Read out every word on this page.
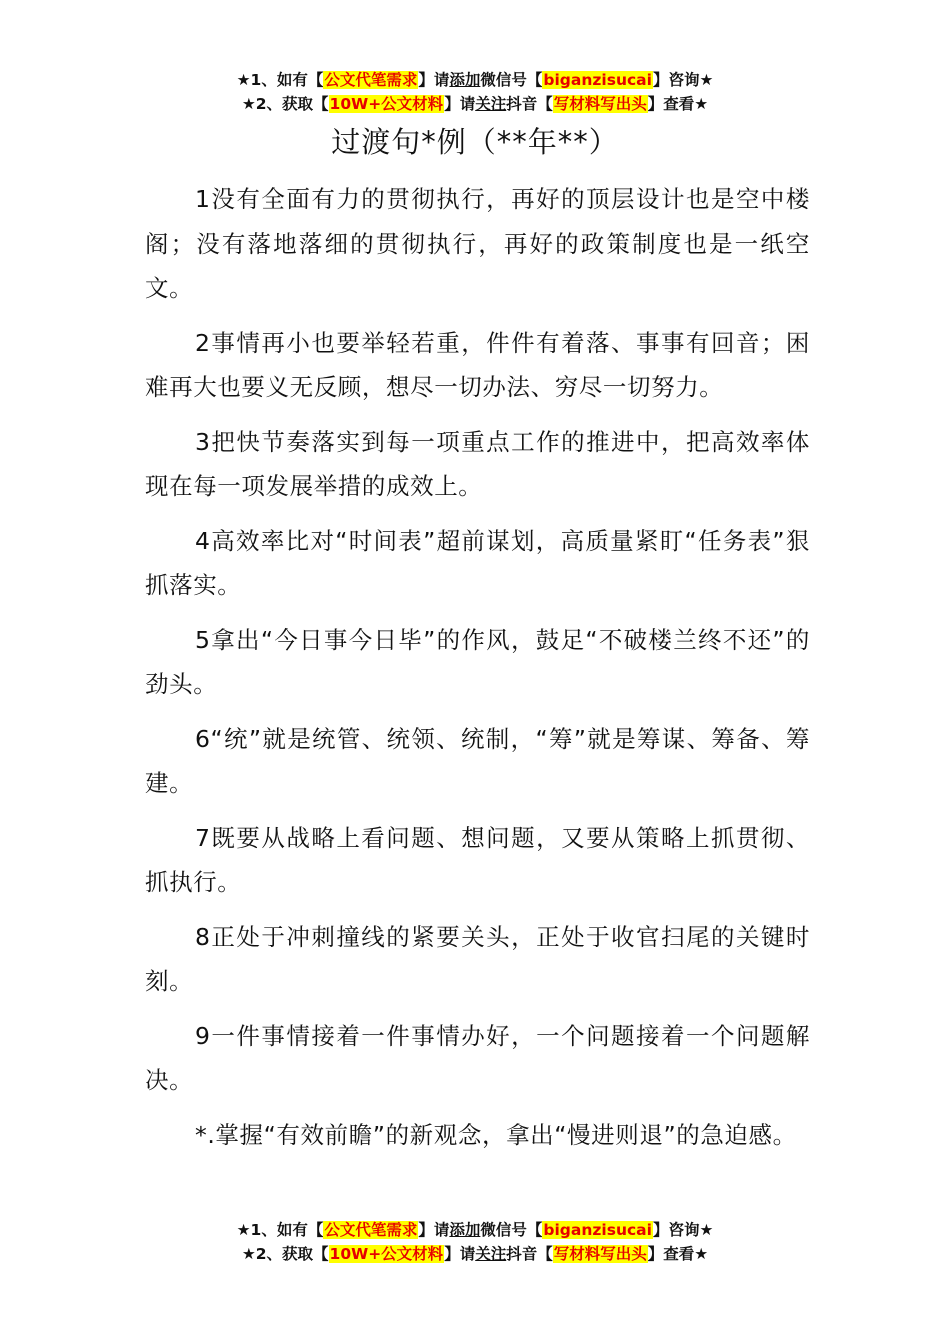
★1、如有【公文代笔需求】请添加微信号【biganzisucai】咨询★
★2、获取【10W+公文材料】请关注抖音【写材料写出头】查看★
过渡句*例（**年**）

1没有全面有力的贯彻执行，再好的顶层设计也是空中楼阁；没有落地落细的贯彻执行，再好的政策制度也是一纸空文。

2事情再小也要举轻若重，件件有着落、事事有回音；困难再大也要义无反顾，想尽一切办法、穷尽一切努力。

3把快节奏落实到每一项重点工作的推进中，把高效率体现在每一项发展举措的成效上。

4高效率比对“时间表”超前谋划，高质量紧盯“任务表”狠抓落实。

5拿出“今日事今日毕”的作风，鼓足“不破楼兰终不还”的劲头。

6“统”就是统管、统领、统制，“筹”就是筹谋、筹备、筹建。

7既要从战略上看问题、想问题，又要从策略上抓贯彻、抓执行。

8正处于冲刺撞线的紧要关头，正处于收官扫尾的关键时刻。

9一件事情接着一件事情办好，一个问题接着一个问题解决。

*.掌握“有效前瞻”的新观念，拿出“慢进则退”的急迫感。

★1、如有【公文代笔需求】请添加微信号【biganzisucai】咨询★
★2、获取【10W+公文材料】请关注抖音【写材料写出头】查看★
